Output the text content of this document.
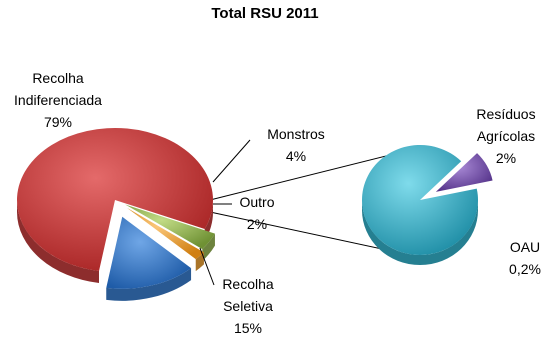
Total RSU 2011
Recolha
Indiferenciada
79%
Monstros
4%
Outro
2%
Recolha
Seletiva
15%
Resíduos
Agrícolas
2%
OAU
0,2%
